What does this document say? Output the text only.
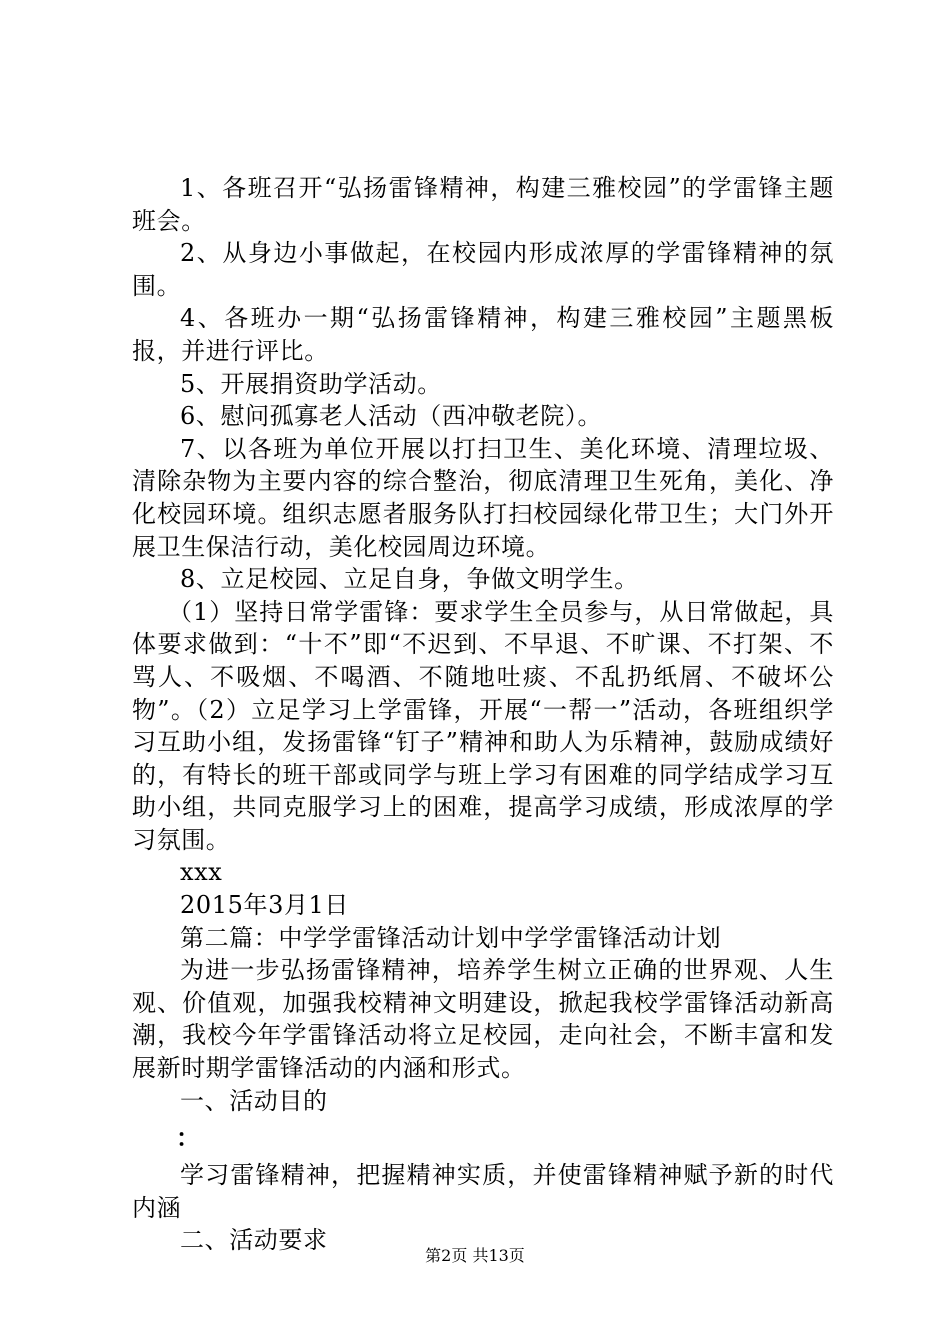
1、各班召开“弘扬雷锋精神，构建三雅校园”的学雷锋主题班会。

2、从身边小事做起，在校园内形成浓厚的学雷锋精神的氛围。

4、各班办一期“弘扬雷锋精神，构建三雅校园”主题黑板报，并进行评比。

5、开展捐资助学活动。

6、慰问孤寡老人活动（西冲敬老院）。

7、以各班为单位开展以打扫卫生、美化环境、清理垃圾、清除杂物为主要内容的综合整治，彻底清理卫生死角，美化、净化校园环境。组织志愿者服务队打扫校园绿化带卫生；大门外开展卫生保洁行动，美化校园周边环境。

8、立足校园、立足自身，争做文明学生。

（1）坚持日常学雷锋：要求学生全员参与，从日常做起，具体要求做到：“十不”即“不迟到、不早退、不旷课、不打架、不骂人、不吸烟、不喝酒、不随地吐痰、不乱扔纸屑、不破坏公物”。（2）立足学习上学雷锋，开展“一帮一”活动，各班组织学习互助小组，发扬雷锋“钉子”精神和助人为乐精神，鼓励成绩好的，有特长的班干部或同学与班上学习有困难的同学结成学习互助小组，共同克服学习上的困难，提高学习成绩，形成浓厚的学习氛围。

xxx

2015年3月1日

第二篇：中学学雷锋活动计划中学学雷锋活动计划

为进一步弘扬雷锋精神，培养学生树立正确的世界观、人生观、价值观，加强我校精神文明建设，掀起我校学雷锋活动新高潮，我校今年学雷锋活动将立足校园，走向社会，不断丰富和发展新时期学雷锋活动的内涵和形式。

一、活动目的

：

学习雷锋精神，把握精神实质，并使雷锋精神赋予新的时代内涵

二、活动要求

第2页 共13页
